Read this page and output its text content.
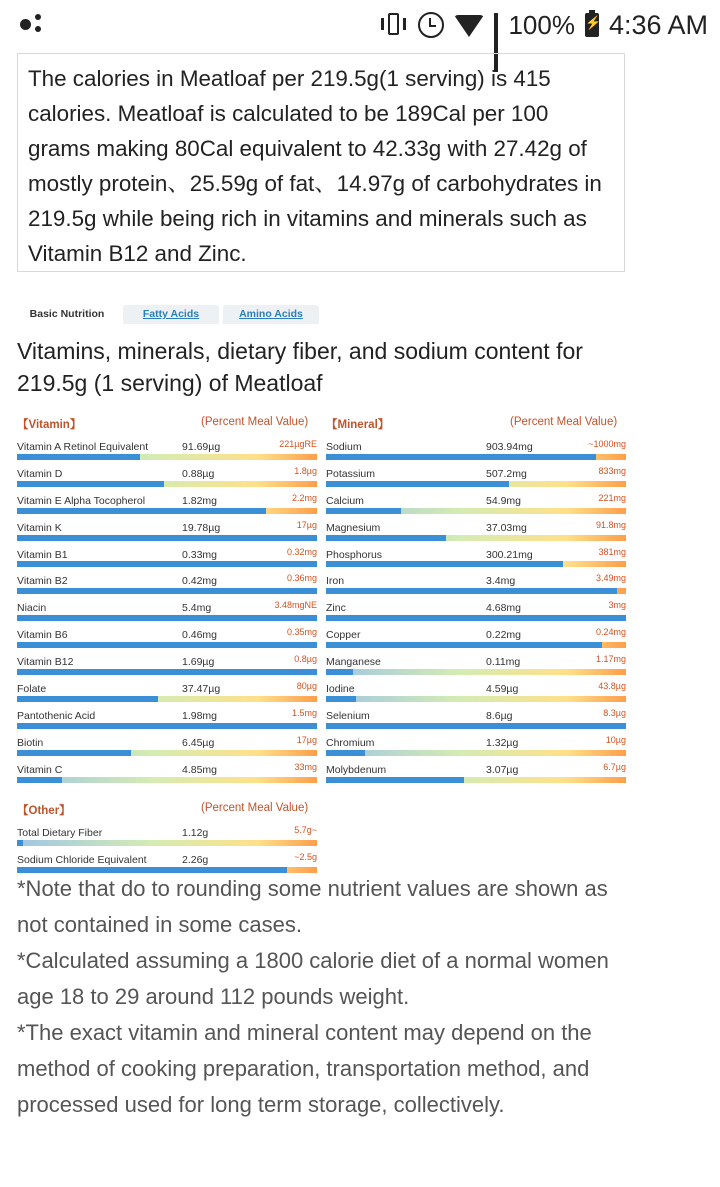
100%
⚡ 4:36 AM
The calories in Meatloaf per 219.5g(1 serving) is 415 calories. Meatloaf is calculated to be 189Cal per 100 grams making 80Cal equivalent to 42.33g with 27.42g of mostly protein、25.59g of fat、14.97g of carbohydrates in 219.5g while being rich in vitamins and minerals such as Vitamin B12 and Zinc.
Basic Nutrition	Fatty Acids	Amino Acids
Vitamins, minerals, dietary fiber, and sodium content for 219.5g (1 serving) of Meatloaf
【Vitamin】	(Percent Meal Value)
Vitamin A Retinol Equivalent	91.69µg	221µgRE
Vitamin D	0.88µg	1.8µg
Vitamin E Alpha Tocopherol	1.82mg	2.2mg
Vitamin K	19.78µg	17µg
Vitamin B1	0.33mg	0.32mg
Vitamin B2	0.42mg	0.36mg
Niacin	5.4mg	3.48mgNE
Vitamin B6	0.46mg	0.35mg
Vitamin B12	1.69µg	0.8µg
Folate	37.47µg	80µg
Pantothenic Acid	1.98mg	1.5mg
Biotin	6.45µg	17µg
Vitamin C	4.85mg	33mg
【Mineral】	(Percent Meal Value)
Sodium	903.94mg	~1000mg
Potassium	507.2mg	833mg
Calcium	54.9mg	221mg
Magnesium	37.03mg	91.8mg
Phosphorus	300.21mg	381mg
Iron	3.4mg	3.49mg
Zinc	4.68mg	3mg
Copper	0.22mg	0.24mg
Manganese	0.11mg	1.17mg
Iodine	4.59µg	43.8µg
Selenium	8.6µg	8.3µg
Chromium	1.32µg	10µg
Molybdenum	3.07µg	6.7µg
【Other】	(Percent Meal Value)
Total Dietary Fiber	1.12g	5.7g~
Sodium Chloride Equivalent	2.26g	~2.5g
*Note that do to rounding some nutrient values are shown as not contained in some cases.
*Calculated assuming a 1800 calorie diet of a normal women age 18 to 29 around 112 pounds weight.
*The exact vitamin and mineral content may depend on the method of cooking preparation, transportation method, and processed used for long term storage, collectively.
